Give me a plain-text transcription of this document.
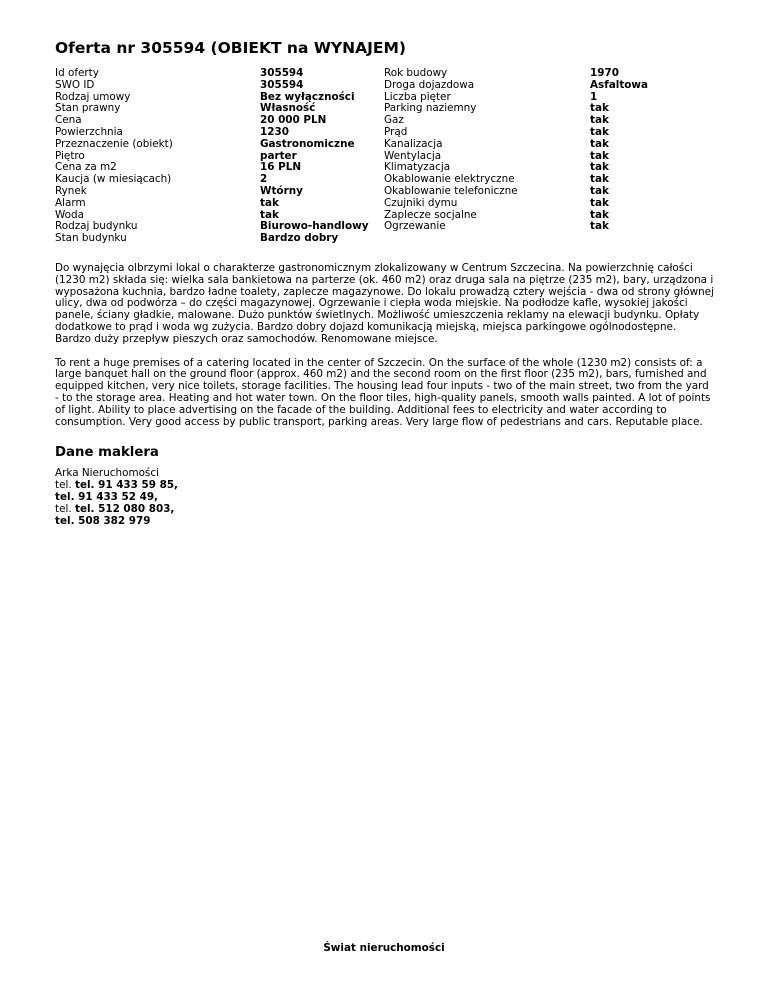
Oferta nr 305594 (OBIEKT na WYNAJEM)
Id oferty
SWO ID
Rodzaj umowy
Stan prawny
Cena
Powierzchnia
Przeznaczenie (obiekt)
Piętro
Cena za m2
Kaucja (w miesiącach)
Rynek
Alarm
Woda
Rodzaj budynku
Stan budynku
305594
305594
Bez wyłączności
Własność
20 000 PLN
1230
Gastronomiczne
parter
16 PLN
2
Wtórny
tak
tak
Biurowo-handlowy
Bardzo dobry
Rok budowy
Droga dojazdowa
Liczba pięter
Parking naziemny
Gaz
Prąd
Kanalizacja
Wentylacja
Klimatyzacja
Okablowanie elektryczne
Okablowanie telefoniczne
Czujniki dymu
Zaplecze socjalne
Ogrzewanie
1970
Asfaltowa
1
tak
tak
tak
tak
tak
tak
tak
tak
tak
tak
tak

Do wynajęcia olbrzymi lokal o charakterze gastronomicznym zlokalizowany w Centrum Szczecina. Na powierzchnię całości (1230 m2) składa się: wielka sala bankietowa na parterze (ok. 460 m2) oraz druga sala na piętrze (235 m2), bary, urządzona i wyposażona kuchnia, bardzo ładne toalety, zaplecze magazynowe. Do lokalu prowadzą cztery wejścia - dwa od strony głównej ulicy, dwa od podwórza – do części magazynowej. Ogrzewanie i ciepła woda miejskie. Na podłodze kafle, wysokiej jakości panele, ściany gładkie, malowane. Dużo punktów świetlnych. Możliwość umieszczenia reklamy na elewacji budynku. Opłaty dodatkowe to prąd i woda wg zużycia. Bardzo dobry dojazd komunikacją miejską, miejsca parkingowe ogólnodostępne. Bardzo duży przepływ pieszych oraz samochodów. Renomowane miejsce.

To rent a huge premises of a catering located in the center of Szczecin. On the surface of the whole (1230 m2) consists of: a large banquet hall on the ground floor (approx. 460 m2) and the second room on the first floor (235 m2), bars, furnished and equipped kitchen, very nice toilets, storage facilities. The housing lead four inputs - two of the main street, two from the yard - to the storage area. Heating and hot water town. On the floor tiles, high-quality panels, smooth walls painted. A lot of points of light. Ability to place advertising on the facade of the building. Additional fees to electricity and water according to consumption. Very good access by public transport, parking areas. Very large flow of pedestrians and cars. Reputable place.

Dane maklera
Arka Nieruchomości
tel. tel. 91 433 59 85,
tel. 91 433 52 49,
tel. tel. 512 080 803,
tel. 508 382 979
Świat nieruchomości
